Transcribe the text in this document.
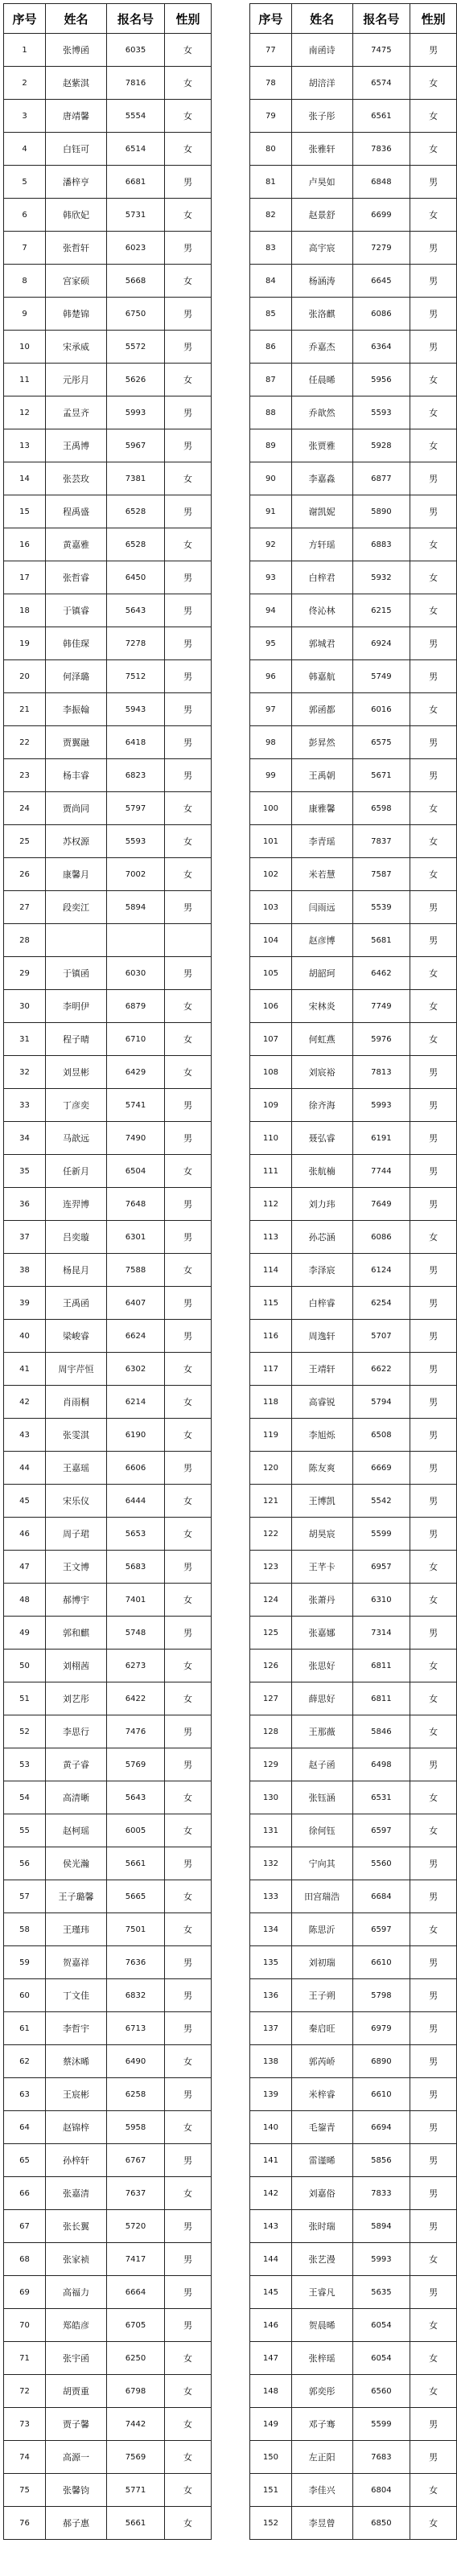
序号	姓名	报名号	性别
1	张博函	6035	女
2	赵紫淇	7816	女
3	唐靖馨	5554	女
4	白钰可	6514	女
5	潘梓亨	6681	男
6	韩欣妃	5731	女
7	张哲轩	6023	男
8	宫家硕	5668	女
9	韩楚锦	6750	男
10	宋承威	5572	男
11	元彤月	5626	女
12	孟昱齐	5993	男
13	王禹博	5967	男
14	张芸玫	7381	女
15	程禹盛	6528	男
16	黄嘉雅	6528	女
17	张哲睿	6450	男
18	于镇睿	5643	男
19	韩佳琛	7278	男
20	何泽璐	7512	男
21	李振翰	5943	男
22	贾翼融	6418	男
23	杨丰睿	6823	男
24	贾尚同	5797	女
25	苏权源	5593	女
26	康馨月	7002	女
27	段奕江	5894	男
28			
29	于镇函	6030	男
30	李明伊	6879	女
31	程子晴	6710	女
32	刘昱彬	6429	女
33	丁彦奕	5741	男
34	马歆远	7490	男
35	任新月	6504	女
36	连羿博	7648	男
37	吕奕璇	6301	男
38	杨昆月	7588	女
39	王禹函	6407	男
40	梁峻睿	6624	男
41	周宇芹恒	6302	女
42	肖雨桐	6214	女
43	张雯淇	6190	女
44	王嘉瑶	6606	男
45	宋乐仪	6444	女
46	周子珺	5653	女
47	王文博	5683	男
48	郝博宇	7401	女
49	郭和麒	5748	男
50	刘栩茜	6273	女
51	刘艺彤	6422	女
52	李思行	7476	男
53	黄子睿	5769	男
54	高清晰	5643	女
55	赵柯瑶	6005	女
56	侯光瀚	5661	男
57	王子璐馨	5665	女
58	王瑾玮	7501	女
59	贺嘉祥	7636	男
60	丁文佳	6832	男
61	李哲宇	6713	男
62	蔡沐晞	6490	女
63	王宸彬	6258	男
64	赵锦梓	5958	女
65	孙梓轩	6767	男
66	张嘉清	7637	女
67	张长翼	5720	男
68	张家祯	7417	男
69	高福力	6664	男
70	郑皓彦	6705	男
71	张宇函	6250	女
72	胡贾重	6798	女
73	贾子馨	7442	女
74	高源一	7569	女
75	张馨钧	5771	女
76	郝子惠	5661	女
序号	姓名	报名号	性别
77	南函诗	7475	男
78	胡涪洋	6574	女
79	张子彤	6561	女
80	张雅轩	7836	女
81	卢昊如	6848	男
82	赵景舒	6699	女
83	高宇宸	7279	男
84	杨涵涛	6645	男
85	张洛麒	6086	男
86	乔嘉杰	6364	男
87	任晨晞	5956	女
88	乔歆然	5593	女
89	张贾雅	5928	女
90	李嘉淼	6877	男
91	谢凯妮	5890	男
92	方轩瑶	6883	女
93	白梓君	5932	女
94	佟沁林	6215	女
95	郭城君	6924	男
96	韩嘉航	5749	男
97	郭函都	6016	女
98	彭昇然	6575	男
99	王禹朝	5671	男
100	康雅馨	6598	女
101	李青瑶	7837	女
102	米若慧	7587	女
103	闫雨远	5539	男
104	赵彦博	5681	男
105	胡韶珂	6462	女
106	宋林炎	7749	女
107	何虹燕	5976	女
108	刘宸裕	7813	男
109	徐齐海	5993	男
110	聂弘睿	6191	男
111	张航楠	7744	男
112	刘力玮	7649	男
113	孙芯涵	6086	女
114	李泽宸	6124	男
115	白梓睿	6254	男
116	周逸轩	5707	男
117	王靖轩	6622	男
118	高睿锐	5794	男
119	李旭烁	6508	男
120	陈友爽	6669	男
121	王博凯	5542	男
122	胡昊宸	5599	男
123	王芊卡	6957	女
124	张萧丹	6310	女
125	张嘉娜	7314	男
126	张思好	6811	女
127	薛思好	6811	女
128	王那薇	5846	女
129	赵子函	6498	男
130	张钰涵	6531	女
131	徐何钰	6597	女
132	宁向其	5560	男
133	田宫瑞浩	6684	男
134	陈思沂	6597	女
135	刘初瑞	6610	男
136	王子朔	5798	男
137	秦启旺	6979	男
138	郭芮峤	6890	男
139	米梓睿	6610	男
140	毛鋆青	6694	男
141	雷谨晞	5856	男
142	刘嘉俗	7833	男
143	张时瑞	5894	男
144	张艺漫	5993	女
145	王睿凡	5635	男
146	贺晨晞	6054	女
147	张梓瑶	6054	女
148	郭奕彤	6560	女
149	邓子骞	5599	男
150	左正阳	7683	男
151	李佳兴	6804	女
152	李昱曾	6850	女
